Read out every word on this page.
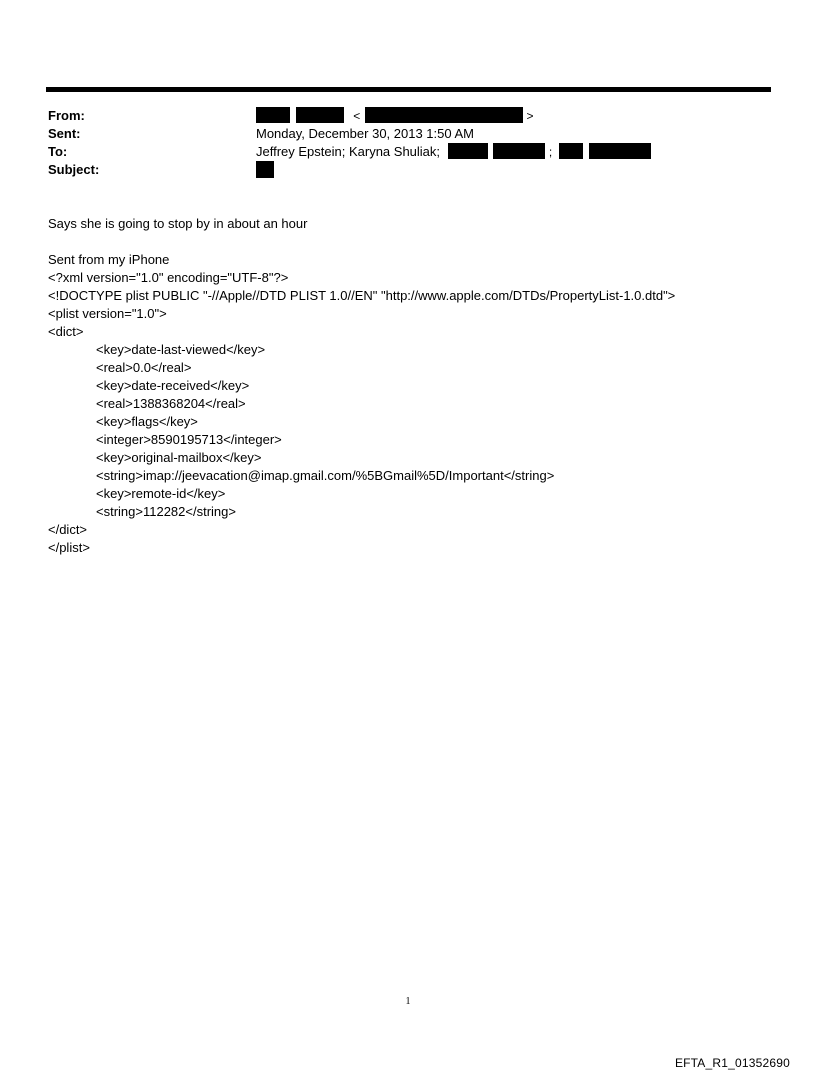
From:	<	>
Sent:	Monday, December 30, 2013 1:50 AM
To:	Jeffrey Epstein; Karyna Shuliak;	;
Subject:
Says she is going to stop by in about an hour
Sent from my iPhone
<?xml version="1.0" encoding="UTF-8"?>
<!DOCTYPE plist PUBLIC "-//Apple//DTD PLIST 1.0//EN" "http://www.apple.com/DTDs/PropertyList-1.0.dtd">
<plist version="1.0">
<dict>
<key>date-last-viewed</key>
<real>0.0</real>
<key>date-received</key>
<real>1388368204</real>
<key>flags</key>
<integer>8590195713</integer>
<key>original-mailbox</key>
<string>imap://jeevacation@imap.gmail.com/%5BGmail%5D/Important</string>
<key>remote-id</key>
<string>112282</string>
</dict>
</plist>
1
EFTA_R1_01352690
